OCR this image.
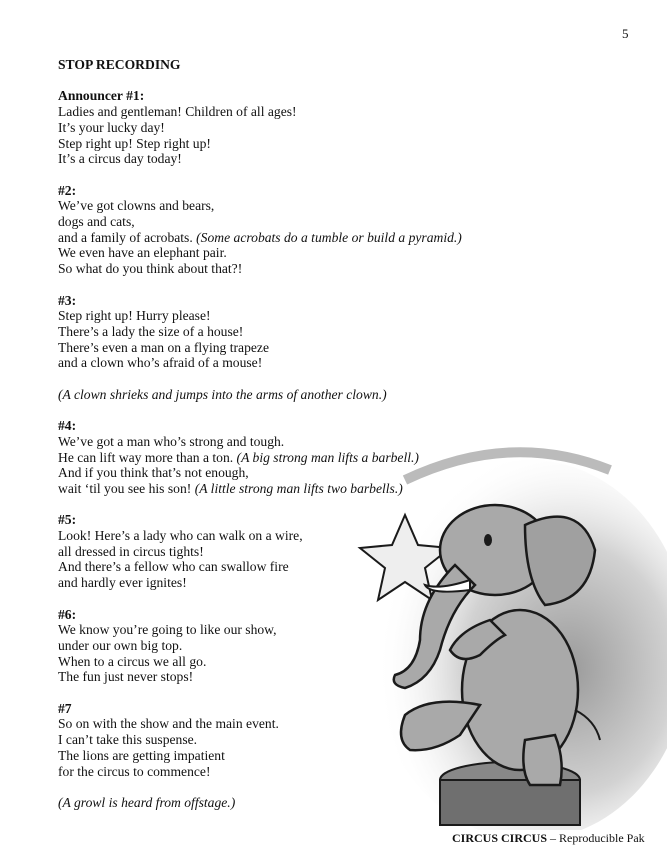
5
STOP RECORDING
Announcer #1:
Ladies and gentleman! Children of all ages!
It’s your lucky day!
Step right up! Step right up!
It’s a circus day today!
#2:
We’ve got clowns and bears,
dogs and cats,
and a family of acrobats. (Some acrobats do a tumble or build a pyramid.)
We even have an elephant pair.
So what do you think about that?!
#3:
Step right up! Hurry please!
There’s a lady the size of a house!
There’s even a man on a flying trapeze
and a clown who’s afraid of a mouse!
(A clown shrieks and jumps into the arms of another clown.)
#4:
We’ve got a man who’s strong and tough.
He can lift way more than a ton. (A big strong man lifts a barbell.)
And if you think that’s not enough,
wait ‘til you see his son! (A little strong man lifts two barbells.)
#5:
Look! Here’s a lady who can walk on a wire,
all dressed in circus tights!
And there’s a fellow who can swallow fire
and hardly ever ignites!
#6:
We know you’re going to like our show,
under our own big top.
When to a circus we all go.
The fun just never stops!
#7
So on with the show and the main event.
I can’t take this suspense.
The lions are getting impatient
for the circus to commence!
(A growl is heard from offstage.)
CIRCUS CIRCUS – Reproducible Pak
